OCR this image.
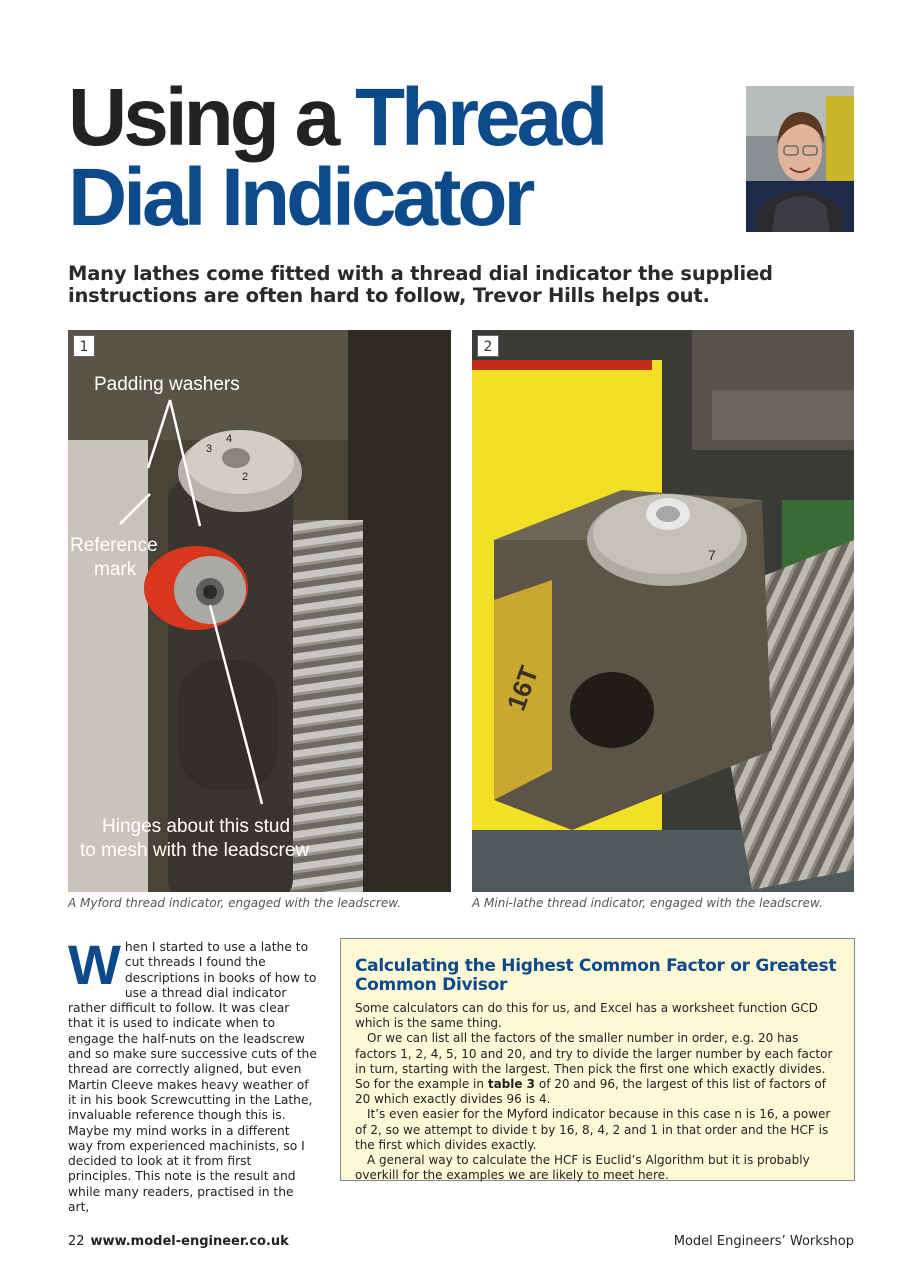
Using a Thread
Dial Indicator

Many lathes come fitted with a thread dial indicator the supplied instructions are often hard to follow, Trevor Hills helps out.

4
3
2
Padding washers
Reference
mark
Hinges about this stud
to mesh with the leadscrew
1

A Myford thread indicator, engaged with the leadscrew.

7
16T
2

A Mini-lathe thread indicator, engaged with the leadscrew.

When I started to use a lathe to cut threads I found the descriptions in books of how to use a thread dial indicator rather difficult to follow. It was clear that it is used to indicate when to engage the half-nuts on the leadscrew and so make sure successive cuts of the thread are correctly aligned, but even Martin Cleeve makes heavy weather of it in his book Screwcutting in the Lathe, invaluable reference though this is. Maybe my mind works in a different way from experienced machinists, so I decided to look at it from first principles. This note is the result and while many readers, practised in the art,

Calculating the Highest Common Factor or Greatest Common Divisor

Some calculators can do this for us, and Excel has a worksheet function GCD which is the same thing.

Or we can list all the factors of the smaller number in order, e.g. 20 has factors 1, 2, 4, 5, 10 and 20, and try to divide the larger number by each factor in turn, starting with the largest. Then pick the first one which exactly divides. So for the example in table 3 of 20 and 96, the largest of this list of factors of 20 which exactly divides 96 is 4.

It’s even easier for the Myford indicator because in this case n is 16, a power of 2, so we attempt to divide t by 16, 8, 4, 2 and 1 in that order and the HCF is the first which divides exactly.

A general way to calculate the HCF is Euclid’s Algorithm but it is probably overkill for the examples we are likely to meet here.

22 www.model-engineer.co.uk	Model Engineers’ Workshop
